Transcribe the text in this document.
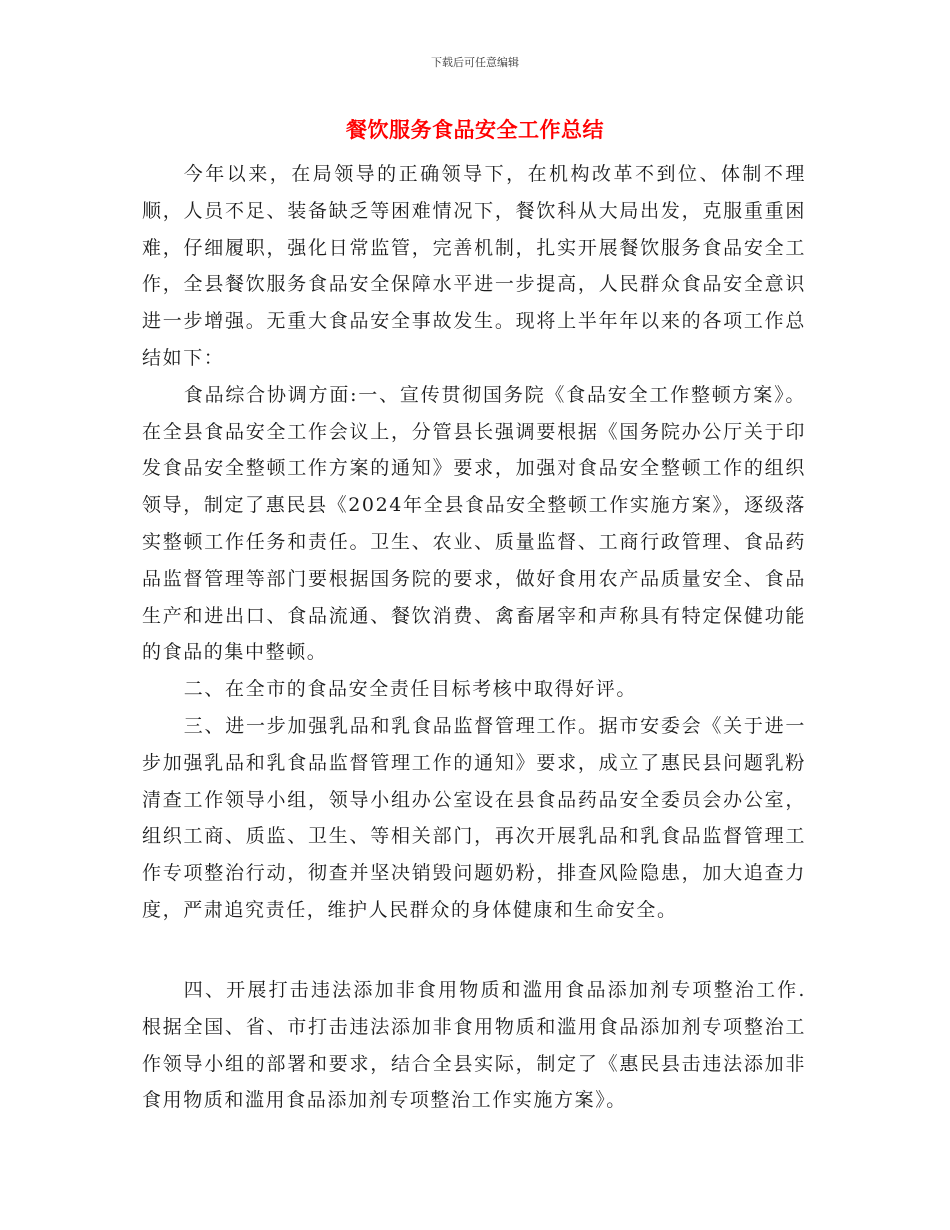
下载后可任意编辑
餐饮服务食品安全工作总结

今年以来，在局领导的正确领导下，在机构改革不到位、体制不理顺，人员不足、装备缺乏等困难情况下，餐饮科从大局出发，克服重重困难，仔细履职，强化日常监管，完善机制，扎实开展餐饮服务食品安全工作，全县餐饮服务食品安全保障水平进一步提高，人民群众食品安全意识进一步增强。无重大食品安全事故发生。现将上半年年以来的各项工作总结如下：

食品综合协调方面:一、宣传贯彻国务院《食品安全工作整顿方案》。在全县食品安全工作会议上，分管县长强调要根据《国务院办公厅关于印发食品安全整顿工作方案的通知》要求，加强对食品安全整顿工作的组织领导，制定了惠民县《2024年全县食品安全整顿工作实施方案》，逐级落实整顿工作任务和责任。卫生、农业、质量监督、工商行政管理、食品药品监督管理等部门要根据国务院的要求，做好食用农产品质量安全、食品生产和进出口、食品流通、餐饮消费、禽畜屠宰和声称具有特定保健功能的食品的集中整顿。

二、在全市的食品安全责任目标考核中取得好评。

三、进一步加强乳品和乳食品监督管理工作。据市安委会《关于进一步加强乳品和乳食品监督管理工作的通知》要求，成立了惠民县问题乳粉清查工作领导小组，领导小组办公室设在县食品药品安全委员会办公室，组织工商、质监、卫生、等相关部门，再次开展乳品和乳食品监督管理工作专项整治行动，彻查并坚决销毁问题奶粉，排查风险隐患，加大追查力度，严肃追究责任，维护人民群众的身体健康和生命安全。

四、开展打击违法添加非食用物质和滥用食品添加剂专项整治工作.根据全国、省、市打击违法添加非食用物质和滥用食品添加剂专项整治工作领导小组的部署和要求，结合全县实际，制定了《惠民县击违法添加非食用物质和滥用食品添加剂专项整治工作实施方案》。
